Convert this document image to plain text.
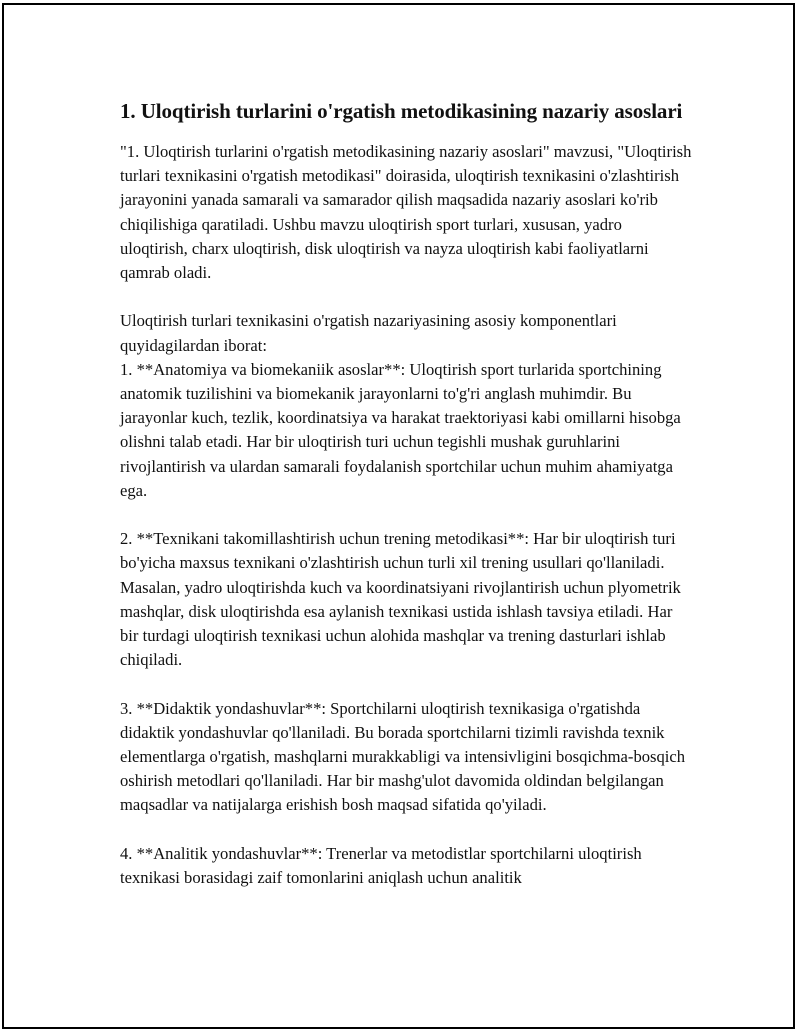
1. Uloqtirish turlarini o'rgatish metodikasining nazariy asoslari

"1. Uloqtirish turlarini o'rgatish metodikasining nazariy asoslari" mavzusi, "Uloqtirish turlari texnikasini o'rgatish metodikasi" doirasida, uloqtirish texnikasini o'zlashtirish jarayonini yanada samarali va samarador qilish maqsadida nazariy asoslari ko'rib chiqilishiga qaratiladi. Ushbu mavzu uloqtirish sport turlari, xususan, yadro uloqtirish, charx uloqtirish, disk uloqtirish va nayza uloqtirish kabi faoliyatlarni qamrab oladi.

Uloqtirish turlari texnikasini o'rgatish nazariyasining asosiy komponentlari quyidagilardan iborat:
1. **Anatomiya va biomekaniik asoslar**: Uloqtirish sport turlarida sportchining anatomik tuzilishini va biomekanik jarayonlarni to'g'ri anglash muhimdir. Bu jarayonlar kuch, tezlik, koordinatsiya va harakat traektoriyasi kabi omillarni hisobga olishni talab etadi. Har bir uloqtirish turi uchun tegishli mushak guruhlarini rivojlantirish va ulardan samarali foydalanish sportchilar uchun muhim ahamiyatga ega.

2. **Texnikani takomillashtirish uchun trening metodikasi**: Har bir uloqtirish turi bo'yicha maxsus texnikani o'zlashtirish uchun turli xil trening usullari qo'llaniladi. Masalan, yadro uloqtirishda kuch va koordinatsiyani rivojlantirish uchun plyometrik mashqlar, disk uloqtirishda esa aylanish texnikasi ustida ishlash tavsiya etiladi. Har bir turdagi uloqtirish texnikasi uchun alohida mashqlar va trening dasturlari ishlab chiqiladi.

3. **Didaktik yondashuvlar**: Sportchilarni uloqtirish texnikasiga o'rgatishda didaktik yondashuvlar qo'llaniladi. Bu borada sportchilarni tizimli ravishda texnik elementlarga o'rgatish, mashqlarni murakkabligi va intensivligini bosqichma-bosqich oshirish metodlari qo'llaniladi. Har bir mashg'ulot davomida oldindan belgilangan maqsadlar va natijalarga erishish bosh maqsad sifatida qo'yiladi.

4. **Analitik yondashuvlar**: Trenerlar va metodistlar sportchilarni uloqtirish texnikasi borasidagi zaif tomonlarini aniqlash uchun analitik
